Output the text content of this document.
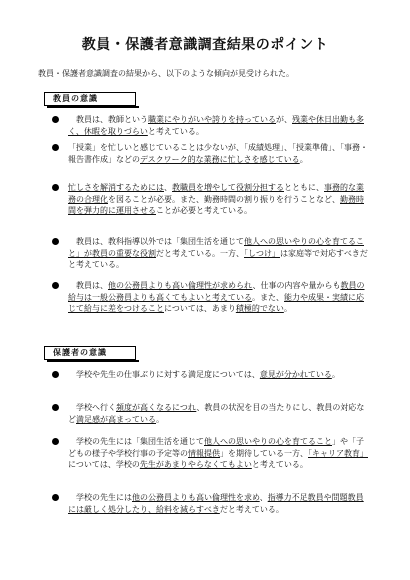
教員・保護者意識調査結果のポイント
教員・保護者意識調査の結果から、以下のような傾向が見受けられた。
教員の意識
　教員は、教師という職業にやりがいや誇りを持っているが、残業や休日出勤も多く、休暇を取りづらいと考えている。
「授業」を忙しいと感じていることは少ないが、「成績処理」、「授業準備」、「事務・報告書作成」などのデスクワーク的な業務に忙しさを感じている。
忙しさを解消するためには、教職員を増やして役割分担するとともに、事務的な業務の合理化を図ることが必要。また、勤務時間の割り振りを行うことなど、勤務時間を弾力的に運用させることが必要と考えている。
　教員は、教科指導以外では「集団生活を通じて他人への思いやりの心を育てること」が教員の重要な役割だと考えている。一方、「しつけ」は家庭等で対応すべきだと考えている。
　教員は、他の公務員よりも高い倫理性が求められ、仕事の内容や量からも教員の給与は一般公務員よりも高くてもよいと考えている。また、能力や成果・実績に応じて給与に差をつけることについては、あまり積極的でない。
保護者の意識
　学校や先生の仕事ぶりに対する満足度については、意見が分かれている。
　学校へ行く頻度が高くなるにつれ、教員の状況を目の当たりにし、教員の対応など満足感が高まっている。
　学校の先生には「集団生活を通じて他人への思いやりの心を育てること」や「子どもの様子や学校行事の予定等の情報提供」を期待している一方、「キャリア教育」については、学校の先生があまりやらなくてもよいと考えている。
　学校の先生には他の公務員よりも高い倫理性を求め、指導力不足教員や問題教員には厳しく処分したり、給料を減らすべきだと考えている。
